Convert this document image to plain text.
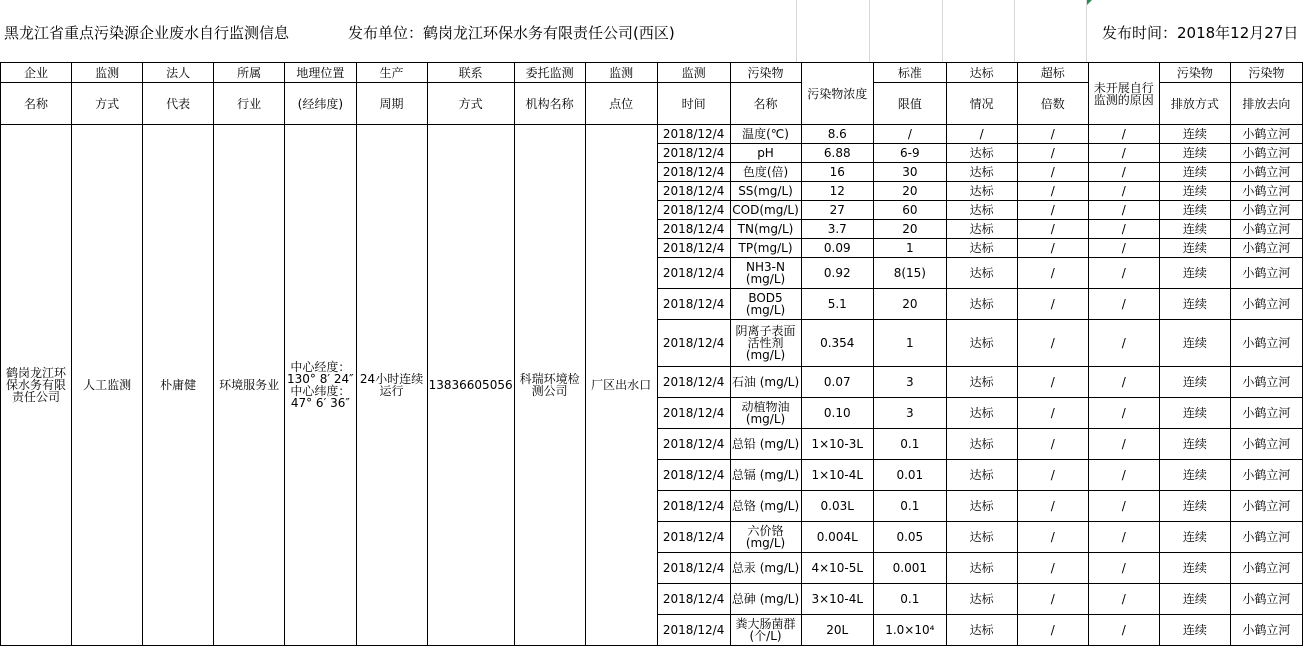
黑龙江省重点污染源企业废水自行监测信息	发布单位：鹤岗龙江环保水务有限责任公司(西区)	发布时间：2018年12月27日
企业	监测	法人	所属	地理位置	生产	联系	委托监测	监测	监测	污染物	污染物浓度	标准	达标	超标	未开展自行监测的原因	污染物	污染物
名称	方式	代表	行业	(经纬度)	周期	方式	机构名称	点位	时间	名称		限值	情况	倍数		排放方式	排放去向
鹤岗龙江环保水务有限责任公司	人工监测	朴庸健	环境服务业	中心经度：130° 8′ 24″ 中心纬度：47° 6′ 36″	24小时连续运行	13836605056	科瑞环境检测公司	厂区出水口	2018/12/4	温度(℃)	8.6	/	/	/	/	连续	小鹤立河
									2018/12/4	pH	6.88	6-9	达标	/	/	连续	小鹤立河
									2018/12/4	色度(倍)	16	30	达标	/	/	连续	小鹤立河
									2018/12/4	SS(mg/L)	12	20	达标	/	/	连续	小鹤立河
									2018/12/4	COD(mg/L)	27	60	达标	/	/	连续	小鹤立河
									2018/12/4	TN(mg/L)	3.7	20	达标	/	/	连续	小鹤立河
									2018/12/4	TP(mg/L)	0.09	1	达标	/	/	连续	小鹤立河
									2018/12/4	NH3-N (mg/L)	0.92	8(15)	达标	/	/	连续	小鹤立河
									2018/12/4	BOD5 (mg/L)	5.1	20	达标	/	/	连续	小鹤立河
									2018/12/4	阴离子表面活性剂 (mg/L)	0.354	1	达标	/	/	连续	小鹤立河
									2018/12/4	石油 (mg/L)	0.07	3	达标	/	/	连续	小鹤立河
									2018/12/4	动植物油 (mg/L)	0.10	3	达标	/	/	连续	小鹤立河
									2018/12/4	总铅 (mg/L)	1×10-3L	0.1	达标	/	/	连续	小鹤立河
									2018/12/4	总镉 (mg/L)	1×10-4L	0.01	达标	/	/	连续	小鹤立河
									2018/12/4	总铬 (mg/L)	0.03L	0.1	达标	/	/	连续	小鹤立河
									2018/12/4	六价铬 (mg/L)	0.004L	0.05	达标	/	/	连续	小鹤立河
									2018/12/4	总汞 (mg/L)	4×10-5L	0.001	达标	/	/	连续	小鹤立河
									2018/12/4	总砷 (mg/L)	3×10-4L	0.1	达标	/	/	连续	小鹤立河
									2018/12/4	粪大肠菌群 (个/L)	20L	1.0×10⁴	达标	/	/	连续	小鹤立河
